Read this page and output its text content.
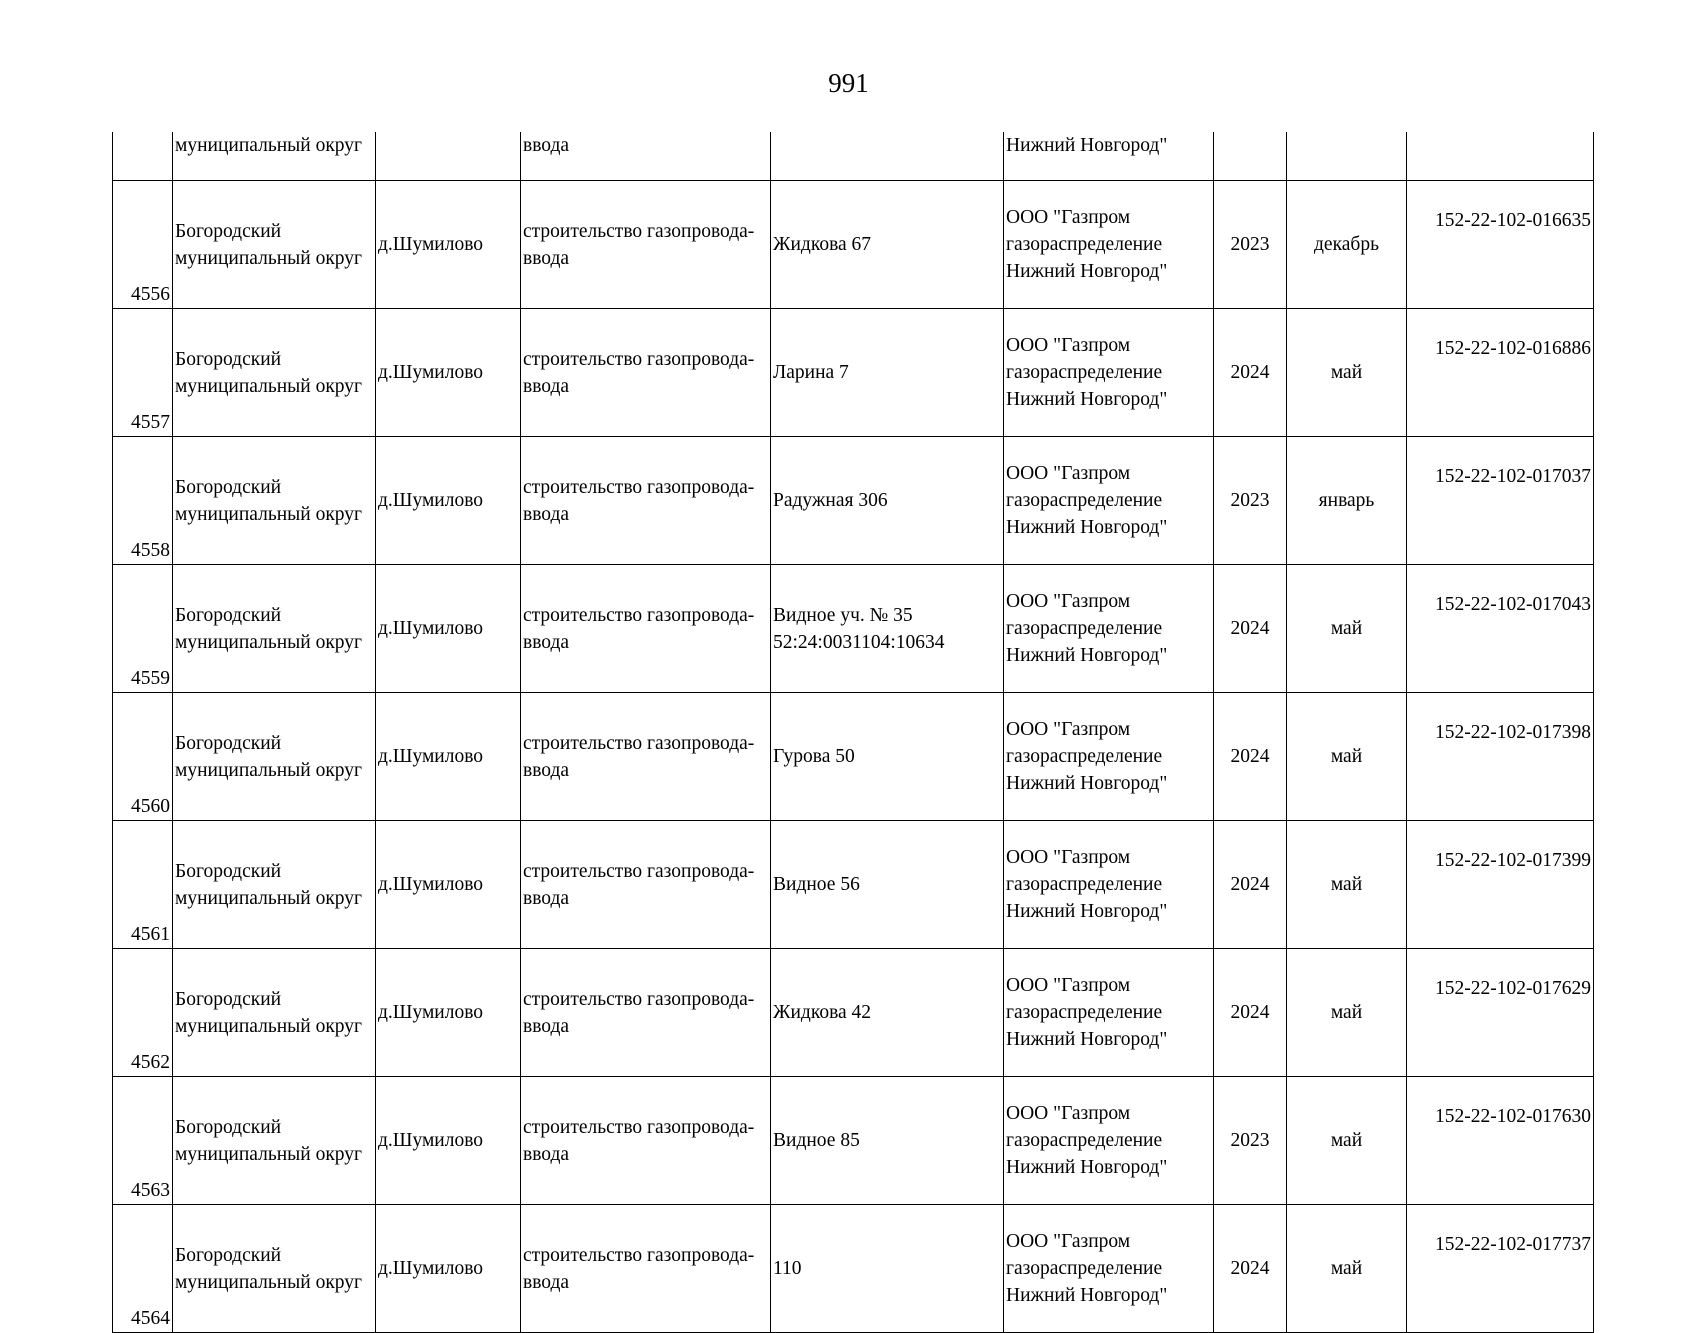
991
	муниципальный округ		ввода		Нижний Новгород"			
4556	Богородский
муниципальный округ	д.Шумилово	строительство газопровода-
ввода	Жидкова 67	ООО "Газпром
газораспределение
Нижний Новгород"	2023	декабрь	152-22-102-016635
4557	Богородский
муниципальный округ	д.Шумилово	строительство газопровода-
ввода	Ларина 7	ООО "Газпром
газораспределение
Нижний Новгород"	2024	май	152-22-102-016886
4558	Богородский
муниципальный округ	д.Шумилово	строительство газопровода-
ввода	Радужная 306	ООО "Газпром
газораспределение
Нижний Новгород"	2023	январь	152-22-102-017037
4559	Богородский
муниципальный округ	д.Шумилово	строительство газопровода-
ввода	Видное уч. № 35
52:24:0031104:10634	ООО "Газпром
газораспределение
Нижний Новгород"	2024	май	152-22-102-017043
4560	Богородский
муниципальный округ	д.Шумилово	строительство газопровода-
ввода	Гурова 50	ООО "Газпром
газораспределение
Нижний Новгород"	2024	май	152-22-102-017398
4561	Богородский
муниципальный округ	д.Шумилово	строительство газопровода-
ввода	Видное 56	ООО "Газпром
газораспределение
Нижний Новгород"	2024	май	152-22-102-017399
4562	Богородский
муниципальный округ	д.Шумилово	строительство газопровода-
ввода	Жидкова 42	ООО "Газпром
газораспределение
Нижний Новгород"	2024	май	152-22-102-017629
4563	Богородский
муниципальный округ	д.Шумилово	строительство газопровода-
ввода	Видное 85	ООО "Газпром
газораспределение
Нижний Новгород"	2023	май	152-22-102-017630
4564	Богородский
муниципальный округ	д.Шумилово	строительство газопровода-
ввода	110	ООО "Газпром
газораспределение
Нижний Новгород"	2024	май	152-22-102-017737
